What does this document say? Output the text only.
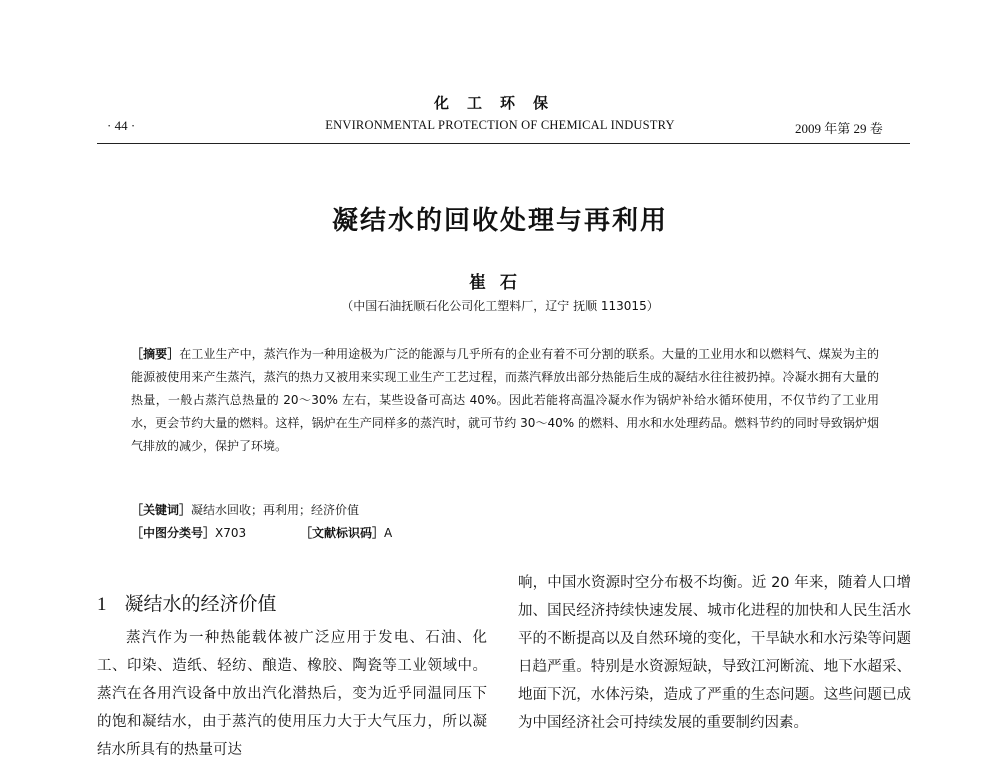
化工环保
· 44 ·	ENVIRONMENTAL PROTECTION OF CHEMICAL INDUSTRY	2009 年第 29 卷
凝结水的回收处理与再利用
崔石
（中国石油抚顺石化公司化工塑料厂，辽宁 抚顺 113015）
［摘要］在工业生产中，蒸汽作为一种用途极为广泛的能源与几乎所有的企业有着不可分割的联系。大量的工业用水和以燃料气、煤炭为主的能源被使用来产生蒸汽，蒸汽的热力又被用来实现工业生产工艺过程，而蒸汽释放出部分热能后生成的凝结水往往被扔掉。冷凝水拥有大量的热量，一般占蒸汽总热量的 20～30% 左右，某些设备可高达 40%。因此若能将高温冷凝水作为锅炉补给水循环使用，不仅节约了工业用水，更会节约大量的燃料。这样，锅炉在生产同样多的蒸汽时，就可节约 30～40% 的燃料、用水和水处理药品。燃料节约的同时导致锅炉烟气排放的减少，保护了环境。
［关键词］凝结水回收；再利用；经济价值
［中图分类号］X703	［文献标识码］A
1 凝结水的经济价值
蒸汽作为一种热能载体被广泛应用于发电、石油、化工、印染、造纸、轻纺、酿造、橡胶、陶瓷等工业领域中。蒸汽在各用汽设备中放出汽化潜热后，变为近乎同温同压下的饱和凝结水，由于蒸汽的使用压力大于大气压力，所以凝结水所具有的热量可达
响，中国水资源时空分布极不均衡。近 20 年来，随着人口增加、国民经济持续快速发展、城市化进程的加快和人民生活水平的不断提高以及自然环境的变化，干旱缺水和水污染等问题日趋严重。特别是水资源短缺，导致江河断流、地下水超采、地面下沉，水体污染，造成了严重的生态问题。这些问题已成为中国经济社会可持续发展的重要制约因素。
